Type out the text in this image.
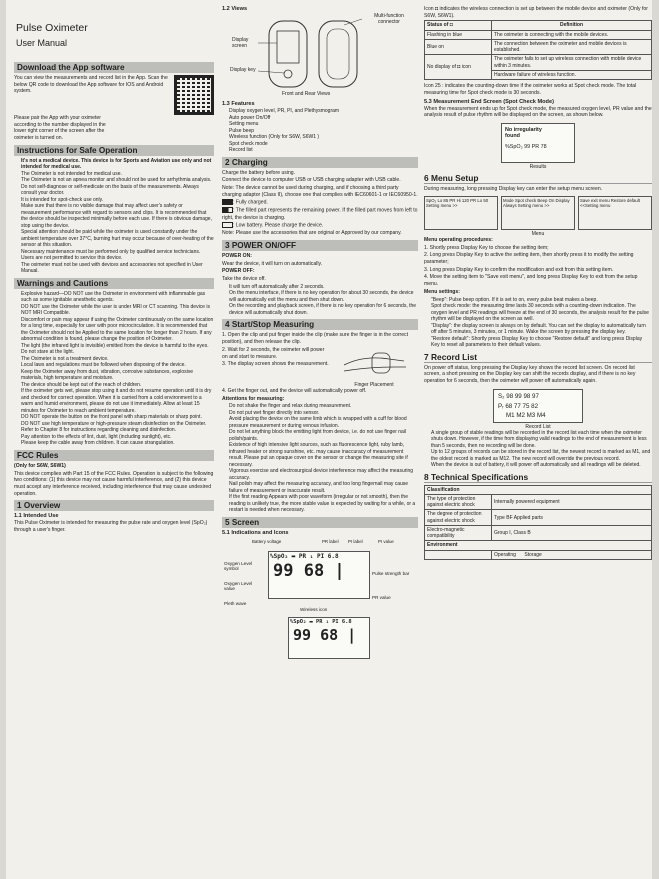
Pulse Oximeter
User Manual
Download the App software

You can view the measurements and record list in the App. Scan the below QR code to download the App software for IOS and Android system.

Please pair the App with your oximeter according to the number displayed in the lower right corner of the screen after the oximeter is turned on.

Instructions for Safe Operation
• It's not a medical device. This device is for Sports and Aviation use only and not intended for medical use.
• The Oximeter is not intended for medical use.
• The Oximeter is not an apnea monitor and should not be used for arrhythmia analysis.
• Do not self-diagnose or self-medicate on the basis of the measurements. Always consult your doctor.
• It is intended for spot-check use only.
• Make sure that there is no visible damage that may affect user's safety or measurement performance with regard to sensors and clips. It is recommended that the device should be inspected minimally before each use. If there is obvious damage, stop using the device.
• Special attention should be paid while the oximeter is used constantly under the ambient temperature over 37°C, burning hurt may occur because of over-heating of the sensor at this situation.
• Necessary maintenance must be performed only by qualified service technicians. Users are not permitted to service this device.
• The oximeter must not be used with devices and accessories not specified in User Manual.
Warnings and Cautions
• Explosive hazard—DO NOT use the Oximeter in environment with inflammable gas such as some ignitable anesthetic agents.
• DO NOT use the Oximeter while the user is under MRI or CT scanning. This device is NOT MRI Compatible.
• Discomfort or pain may appear if using the Oximeter continuously on the same location for a long time, especially for user with poor microcirculation. It is recommended that the Oximeter should not be Applied to the same location for longer than 2 hours. If any abnormal condition is found, please change the position of Oximeter.
• The light (the infrared light is invisible) emitted from the device is harmful to the eyes. Do not stare at the light.
• The Oximeter is not a treatment device.
• Local laws and regulations must be followed when disposing of the device.
• Keep the Oximeter away from dust, vibration, corrosive substances, explosive materials, high temperature and moisture.
• The device should be kept out of the reach of children.
• If the oximeter gets wet, please stop using it and do not resume operation until it is dry and checked for correct operation. When it is carried from a cold environment to a warm and humid environment, please do not use it immediately. Allow at least 15 minutes for Oximeter to reach ambient temperature.
• DO NOT operate the button on the front panel with sharp materials or sharp point.
• DO NOT use high temperature or high-pressure steam disinfection on the Oximeter. Refer to Chapter 8 for instructions regarding cleaning and disinfection.
• Pay attention to the effects of lint, dust, light (including sunlight), etc.
• Please keep the cable away from children. It can cause strangulation.
FCC Rules

(Only for S6W, S6W1)

This device complies with Part 15 of the FCC Rules. Operation is subject to the following two conditions: (1) this device may not cause harmful interference, and (2) this device must accept any interference received, including interference that may cause undesired operation.

1 Overview
1.1 Intended Use

This Pulse Oximeter is intended for measuring the pulse rate and oxygen level (SpO₂) through a user's finger.

1.2 Views
Multi-function connector
Display screen
Display key
Front and Rear Views
1.3 Features
• Display oxygen level, PR, PI, and Plethysmogram
• Auto power On/Off
• Setting menu
• Pulse beep
• Wireless function (Only for S6W, S6W1 )
• Spot check mode
• Record list
2 Charging

Charge the battery before using.

Connect the device to computer USB or USB charging adapter with USB cable.

Note: The device cannot be used during charging, and if choosing a third party charging adaptor (Class II), choose one that complies with IEC60601-1 or IEC60950-1.

: Fully charged.

: The filled part represents the remaining power. If the filled part moves from left to right, the device is charging.

: Low battery. Please charge the device.

Note: Please use the accessories that are original or Approved by our company.

3 POWER ON/OFF

POWER ON:

Wear the device, it will turn on automatically.

POWER OFF:

Take the device off.

• It will turn off automatically after 2 seconds.
• On the menu interface, if there is no key operation for about 30 seconds, the device will automatically exit the menu and then shut down.
• On the recording and playback screen, if there is no key operation for 6 seconds, the device will automatically shut down.
4 Start/Stop Measuring

1. Open the clip and put finger inside the clip (make sure the finger is in the correct position), and then release the clip.

2. Wait for 2 seconds, the oximeter will power on and start to measure.

3. The display screen shows the measurement.

Finger Placement

4. Get the finger out, and the device will automatically power off.

Attentions for measuring:

• Do not shake the finger and relax during measurement.
• Do not put wet finger directly into sensor.
• Avoid placing the device on the same limb which is wrapped with a cuff for blood pressure measurement or during venous infusion.
• Do not let anything block the emitting light from device, i.e. do not use finger nail polish/paints.
• Existence of high intensive light sources, such as fluorescence light, ruby lamb, infrared heater or strong sunshine, etc. may cause inaccuracy of measurement result. Please put an opaque cover on the sensor or change the measuring site if necessary.
• Vigorous exercise and electrosurgical device interference may affect the measuring accuracy.
• Nail polish may affect the measuring accuracy, and too long fingernail may cause failure of measurement or inaccurate result.
• If the first reading Appears with poor waveform (irregular or not smooth), then the reading is unlikely true, the more stable value is expected by waiting for a while, or a restart is needed when necessary.
5 Screen
5.1 Indications and Icons
Battery voltage	PR label PI label	PI value
Oxygen Level symbol
Oxygen Level value
Pleth wave
Pulse strength bar
PR value
%SpO₂ ▬ PR ₁ PI 6.8
99 68 |
Wireless icon
%SpO₂ ▬ PR ₁ PI 6.8
99 68 |

Icon ◘ indicates the wireless connection is set up between the mobile device and oximeter (Only for S6W, S6W1).

Status of ◘	Definition
Flashing in blue	The oximeter is connecting with the mobile devices.
Blue on	The connection between the oximeter and mobile devices is established.
No display of ◘ icon	The oximeter fails to set up wireless connection with mobile device within 3 minutes.
	Hardware failure of wireless function.

Icon 25 : indicates the counting-down time if the oximeter works at Spot check mode. The total measuring time for Spot check mode is 30 seconds.

5.3 Measurement End Screen (Spot Check Mode)

When the measurement ends up for Spot check mode, the measured oxygen level, PR value and the analysis result of pulse rhythm will be displayed on the screen, as shown below.

No irregularity
found
%SpO₂ 99 PR 78
Results
6 Menu Setup

During measuring, long pressing Display key can enter the setup menu screen.

SpO₂ Lo 85 PR Hi 120 PR Lo 50 Setting menu >>
Mode Spot check Beep On Display Always Setting menu >>
Save exit menu Restore default <<Setting menu
Menu

Menu operating procedures:

1. Shortly press Display Key to choose the setting item;

2. Long press Display Key to active the setting item, then shortly press it to modify the setting parameter;

3. Long press Display Key to confirm the modification and exit from this setting item.

4. Move the setting item to "Save exit menu", and long press Display Key to exit from the setup menu.

Menu settings:

• "Beep": Pulse beep option. If it is set to on, every pulse beat makes a beep.
• Spot check mode: the measuring time lasts 30 seconds with a counting-down indication. The oxygen level and PR readings will freeze at the end of 30 seconds, the analysis result for the pulse rhythm will be displayed on the screen as well.
• "Display": the display screen is always on by default. You can set the display to automatically turn off after 5 minutes, 3 minutes, or 1 minute. Wake the screen by pressing the display key.
• "Restore default": Shortly press Display Key to choose "Restore default" and long press Display Key to reset all parameters to their default values.
7 Record List

On power off status, long pressing the Display key shows the record list screen. On record list screen, a short pressing on the Display key can shift the records display, and if there is no key operation for 6 seconds, then the oximeter will power off automatically again.

S₂ 98 99 98 97
Pᵣ 68 77 75 82
M1 M2 M3 M4
Record List
• A single group of stable readings will be recorded in the record list each time when the oximeter shuts down. However, if the time from displaying valid readings to the end of measurement is less than 5 seconds, then no recording will be done.
• Up to 12 groups of records can be stored in the record list, the newest record is marked as M1, and the oldest record is marked as M12. The new record will override the previous record.
• When the device is out of battery, it will power off automatically and all readings will be deleted.
8 Technical Specifications
Classification	
The type of protection against electric shock	Internally powered equipment
The degree of protection against electric shock	Type BF Applied parts
Electro-magnetic compatibility	Group I, Class B
Environment	
	Operating Storage
